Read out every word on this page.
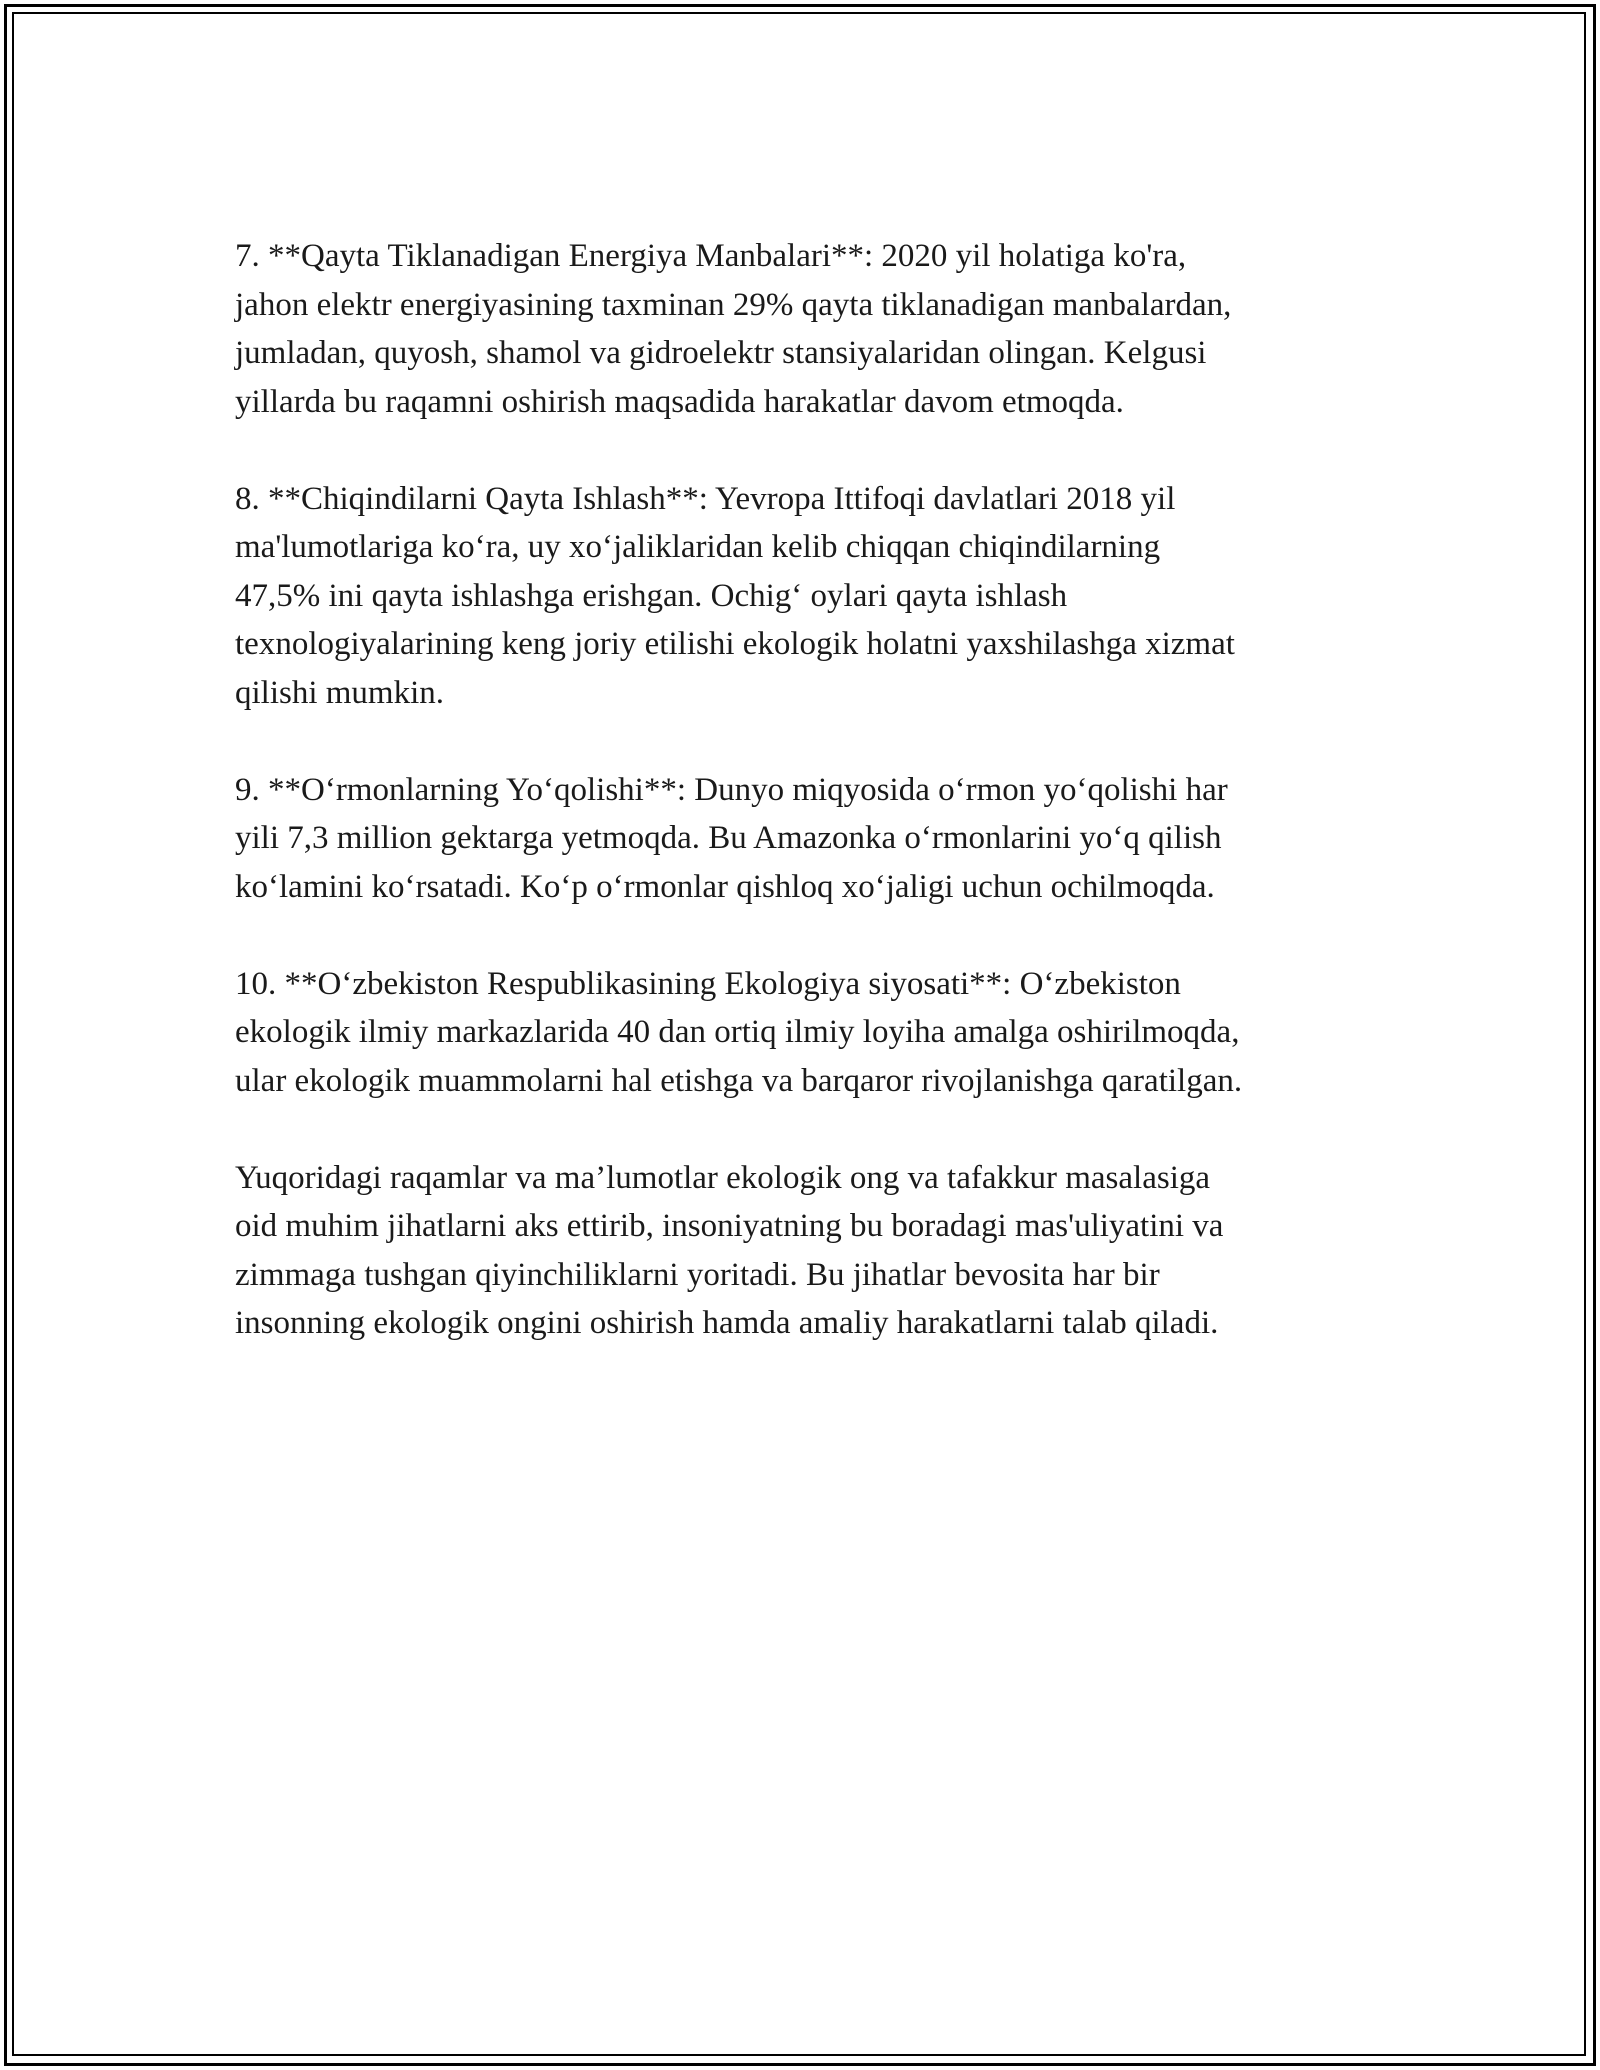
7. **Qayta Tiklanadigan Energiya Manbalari**: 2020 yil holatiga ko'ra,
jahon elektr energiyasining taxminan 29% qayta tiklanadigan manbalardan,
jumladan, quyosh, shamol va gidroelektr stansiyalaridan olingan. Kelgusi
yillarda bu raqamni oshirish maqsadida harakatlar davom etmoqda.

8. **Chiqindilarni Qayta Ishlash**: Yevropa Ittifoqi davlatlari 2018 yil
ma'lumotlariga ko‘ra, uy xo‘jaliklaridan kelib chiqqan chiqindilarning
47,5% ini qayta ishlashga erishgan. Ochig‘ oylari qayta ishlash
texnologiyalarining keng joriy etilishi ekologik holatni yaxshilashga xizmat
qilishi mumkin.

9. **O‘rmonlarning Yo‘qolishi**: Dunyo miqyosida o‘rmon yo‘qolishi har
yili 7,3 million gektarga yetmoqda. Bu Amazonka o‘rmonlarini yo‘q qilish
ko‘lamini ko‘rsatadi. Ko‘p o‘rmonlar qishloq xo‘jaligi uchun ochilmoqda.

10. **O‘zbekiston Respublikasining Ekologiya siyosati**: O‘zbekiston
ekologik ilmiy markazlarida 40 dan ortiq ilmiy loyiha amalga oshirilmoqda,
ular ekologik muammolarni hal etishga va barqaror rivojlanishga qaratilgan.

Yuqoridagi raqamlar va ma’lumotlar ekologik ong va tafakkur masalasiga
oid muhim jihatlarni aks ettirib, insoniyatning bu boradagi mas'uliyatini va
zimmaga tushgan qiyinchiliklarni yoritadi. Bu jihatlar bevosita har bir
insonning ekologik ongini oshirish hamda amaliy harakatlarni talab qiladi.
